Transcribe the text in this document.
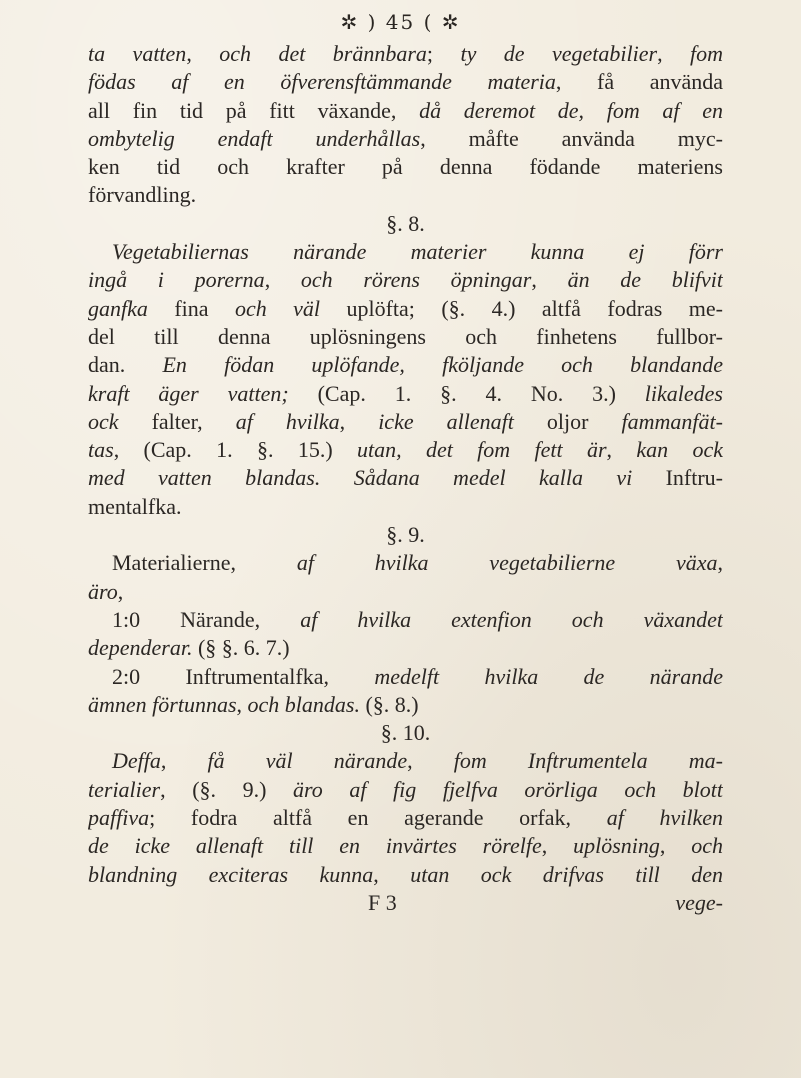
✲ ) 45 ( ✲
ta vatten, och det brännbara; ty de vegetabilier, fom
födas af en öfverensftämmande materia, få använda
all fin tid på fitt växande, då deremot de, fom af en
ombytelig endaft underhållas, måfte använda myc-
ken tid och krafter på denna födande materiens
förvandling.
§. 8.
Vegetabiliernas närande materier kunna ej förr
ingå i porerna, och rörens öpningar, än de blifvit
ganfka fina och väl uplöfta; (§. 4.) altfå fodras me-
del till denna uplösningens och finhetens fullbor-
dan. En födan uplöfande, fköljande och blandande
kraft äger vatten; (Cap. 1. §. 4. No. 3.) likaledes
ock falter, af hvilka, icke allenaft oljor fammanfät-
tas, (Cap. 1. §. 15.) utan, det fom fett är, kan ock
med vatten blandas. Sådana medel kalla vi Inftru-
mentalfka.
§. 9.
Materialierne, af hvilka vegetabilierne växa,
äro,
1:0 Närande, af hvilka extenfion och växandet
dependerar. (§ §. 6. 7.)
2:0 Inftrumentalfka, medelft hvilka de närande
ämnen förtunnas, och blandas. (§. 8.)
§. 10.
Deffa, få väl närande, fom Inftrumentela ma-
terialier, (§. 9.) äro af fig fjelfva orörliga och blott
paffiva; fodra altfå en agerande orfak, af hvilken
de icke allenaft till en invärtes rörelfe, uplösning, och
blandning exciteras kunna, utan ock drifvas till den
F 3	vege-
